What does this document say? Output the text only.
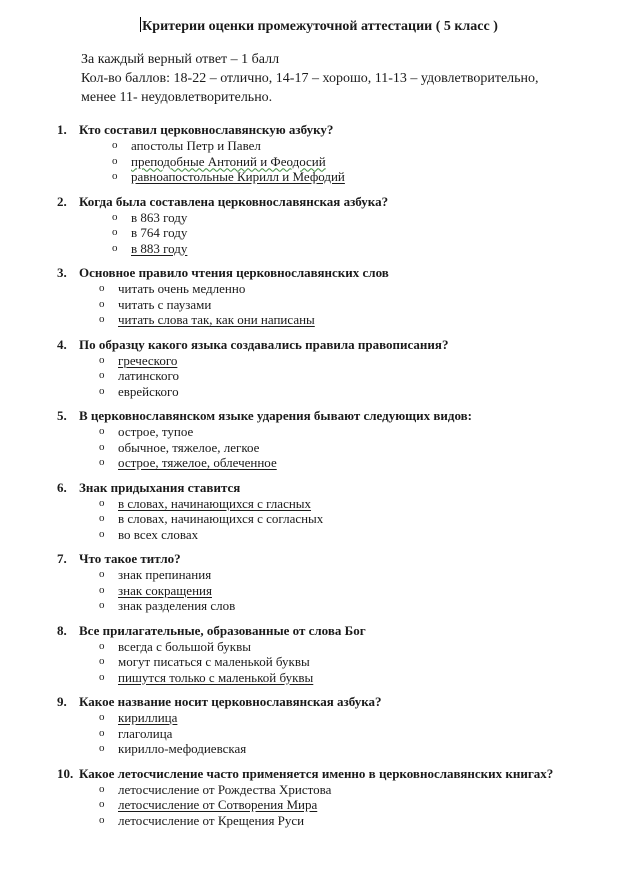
Критерии оценки промежуточной аттестации ( 5 класс )
За каждый верный ответ – 1 балл
Кол-во баллов: 18-22 – отлично, 14-17 – хорошо, 11-13 – удовлетворительно,
менее 11- неудовлетворительно.
1. Кто составил церковнославянскую азбуку?
o апостолы Петр и Павел
o преподобные Антоний и Феодосий
o равноапостольные Кирилл и Мефодий
2. Когда была составлена церковнославянская азбука?
o в 863 году
o в 764 году
o в 883 году
3. Основное правило чтения церковнославянских слов
o читать очень медленно
o читать с паузами
o читать слова так, как они написаны
4. По образцу какого языка создавались правила правописания?
o греческого
o латинского
o еврейского
5. В церковнославянском языке ударения бывают следующих видов:
o острое, тупое
o обычное, тяжелое, легкое
o острое, тяжелое, облеченное
6. Знак придыхания ставится
o в словах, начинающихся с гласных
o в словах, начинающихся с согласных
o во всех словах
7. Что такое титло?
o знак препинания
o знак сокращения
o знак разделения слов
8. Все прилагательные, образованные от слова Бог
o всегда с большой буквы
o могут писаться с маленькой буквы
o пишутся только с маленькой буквы
9. Какое название носит церковнославянская азбука?
o кириллица
o глаголица
o кирилло-мефодиевская
10. Какое летосчисление часто применяется именно в церковнославянских книгах?
o летосчисление от Рождества Христова
o летосчисление от Сотворения Мира
o летосчисление от Крещения Руси
